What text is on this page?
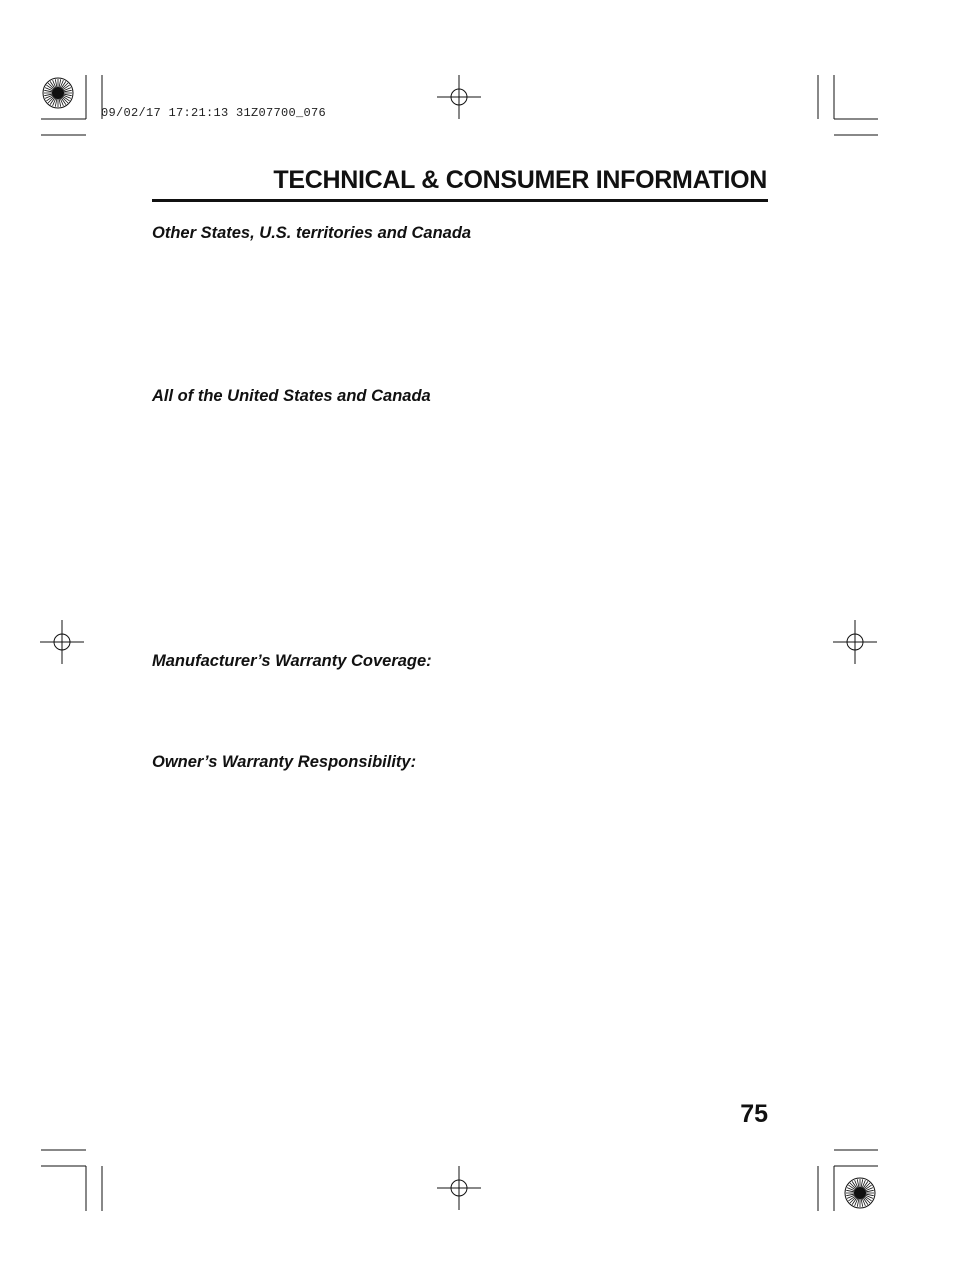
09/02/17 17:21:13 31Z07700_076
TECHNICAL & CONSUMER INFORMATION
Other States, U.S. territories and Canada
All of the United States and Canada
Manufacturer’s Warranty Coverage:
Owner’s Warranty Responsibility:
75
